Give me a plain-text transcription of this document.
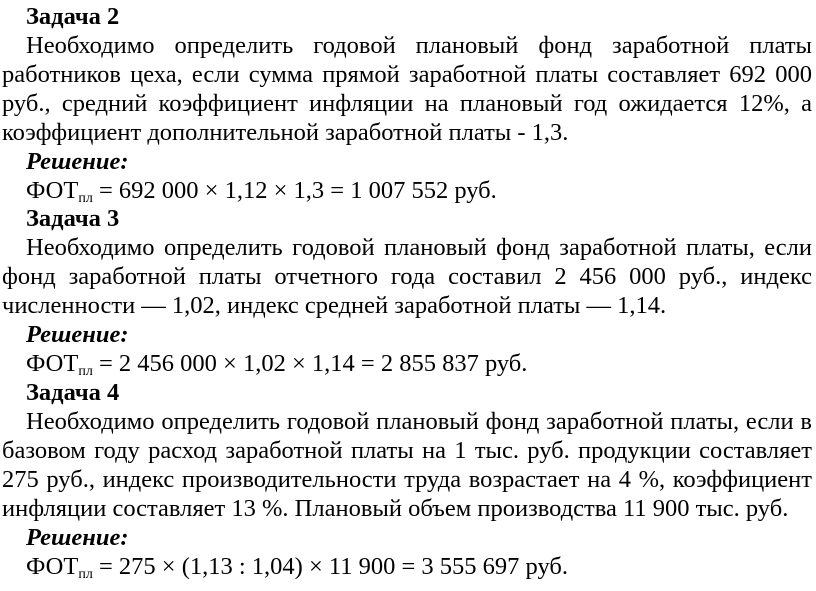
Задача 2
Необходимо определить годовой плановый фонд заработной платы
работников цеха, если сумма прямой заработной платы составляет 692 000
руб., средний коэффициент инфляции на плановый год ожидается 12%, а
коэффициент дополнительной заработной платы - 1,3.
Решение:
ФОТпл = 692 000 × 1,12 × 1,3 = 1 007 552 руб.
Задача 3
Необходимо определить годовой плановый фонд заработной платы, если
фонд заработной платы отчетного года составил 2 456 000 руб., индекс
численности — 1,02, индекс средней заработной платы — 1,14.
Решение:
ФОТпл = 2 456 000 × 1,02 × 1,14 = 2 855 837 руб.
Задача 4
Необходимо определить годовой плановый фонд заработной платы, если в
базовом году расход заработной платы на 1 тыс. руб. продукции составляет
275 руб., индекс производительности труда возрастает на 4 %, коэффициент
инфляции составляет 13 %. Плановый объем производства 11 900 тыс. руб.
Решение:
ФОТпл = 275 × (1,13 : 1,04) × 11 900 = 3 555 697 руб.
